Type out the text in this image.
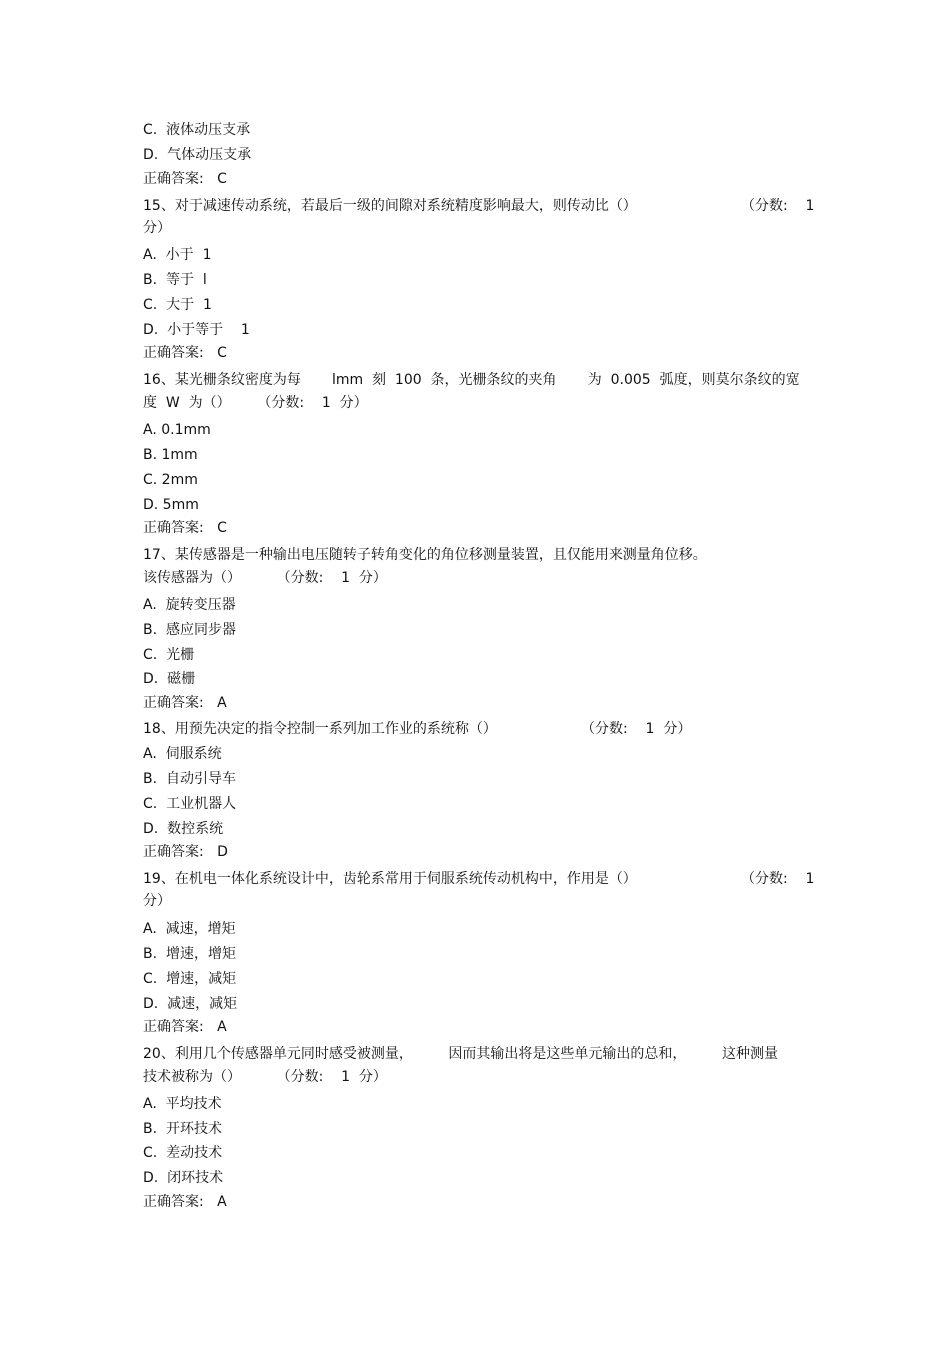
C.  液体动压支承
D.  气体动压支承
正确答案:   C
15、对于减速传动系统，若最后一级的间隙对系统精度影响最大，则传动比（）	（分数:    1
分）
A.  小于  1
B.  等于  l
C.  大于  1
D.  小于等于    1
正确答案:   C
16、某光栅条纹密度为每       lmm  刻  100  条，光栅条纹的夹角       为  0.005  弧度，则莫尔条纹的宽
度  W  为（）      （分数:    1  分）
A. 0.1mm
B. 1mm
C. 2mm
D. 5mm
正确答案:   C
17、某传感器是一种输出电压随转子转角变化的角位移测量装置，且仅能用来测量角位移。
该传感器为（）        （分数:    1  分）
A.  旋转变压器
B.  感应同步器
C.  光栅
D.  磁栅
正确答案:   A
18、用预先决定的指令控制一系列加工作业的系统称（）	（分数:    1  分）
A.  伺服系统
B.  自动引导车
C.  工业机器人
D.  数控系统
正确答案:   D
19、在机电一体化系统设计中，齿轮系常用于伺服系统传动机构中，作用是（）	（分数:    1
分）
A.  减速，增矩
B.  增速，增矩
C.  增速，减矩
D.  减速，减矩
正确答案:   A
20、利用几个传感器单元同时感受被测量，        因而其输出将是这些单元输出的总和，        这种测量
技术被称为（）        （分数:    1  分）
A.  平均技术
B.  开环技术
C.  差动技术
D.  闭环技术
正确答案:   A
